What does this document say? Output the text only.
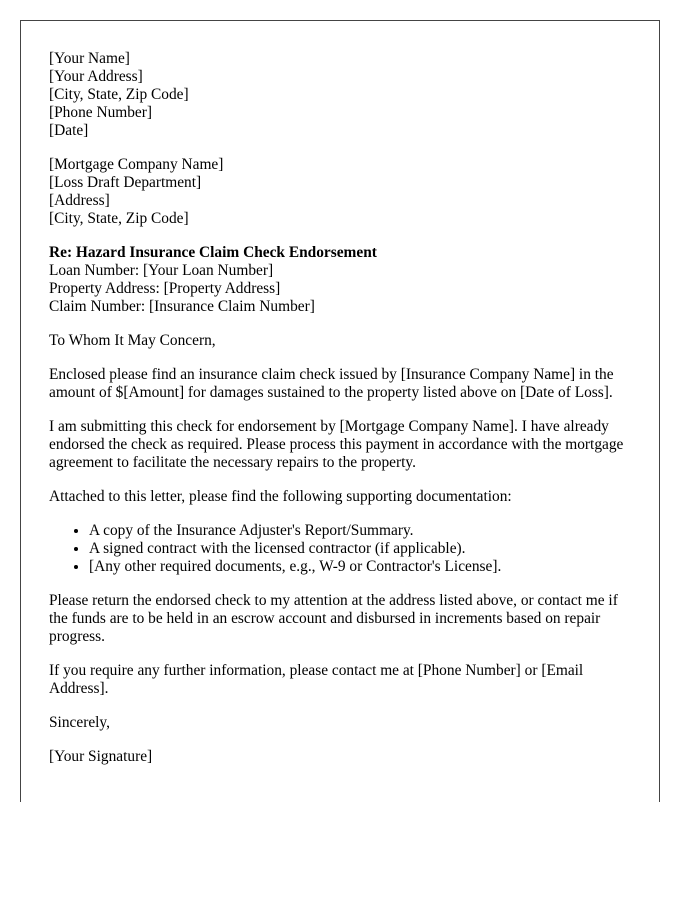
[Your Name]
[Your Address]
[City, State, Zip Code]
[Phone Number]
[Date]
[Mortgage Company Name]
[Loss Draft Department]
[Address]
[City, State, Zip Code]
Re: Hazard Insurance Claim Check Endorsement
Loan Number: [Your Loan Number]
Property Address: [Property Address]
Claim Number: [Insurance Claim Number]

To Whom It May Concern,

Enclosed please find an insurance claim check issued by [Insurance Company Name] in the amount of $[Amount] for damages sustained to the property listed above on [Date of Loss].

I am submitting this check for endorsement by [Mortgage Company Name]. I have already endorsed the check as required. Please process this payment in accordance with the mortgage agreement to facilitate the necessary repairs to the property.

Attached to this letter, please find the following supporting documentation:

• A copy of the Insurance Adjuster's Report/Summary.
• A signed contract with the licensed contractor (if applicable).
• [Any other required documents, e.g., W-9 or Contractor's License].

Please return the endorsed check to my attention at the address listed above, or contact me if the funds are to be held in an escrow account and disbursed in increments based on repair progress.

If you require any further information, please contact me at [Phone Number] or [Email Address].

Sincerely,

[Your Signature]
